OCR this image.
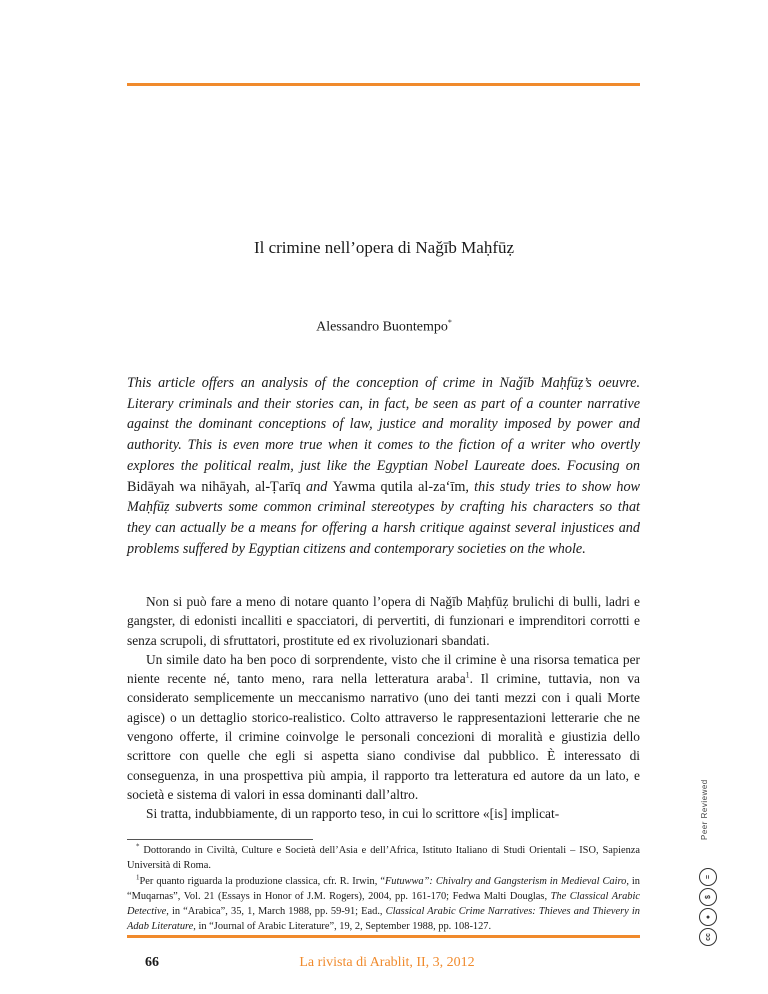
Il crimine nell’opera di Naǧīb Maḥfūẓ
Alessandro Buontempo*

This article offers an analysis of the conception of crime in Naǧīb Maḥfūẓ’s oeuvre. Literary criminals and their stories can, in fact, be seen as part of a counter narrative against the dominant conceptions of law, justice and morality imposed by power and authority. This is even more true when it comes to the fiction of a writer who overtly explores the political realm, just like the Egyptian Nobel Laureate does. Focusing on Bidāyah wa nihāyah, al-Ṭarīq and Yawma qutila al-za‘īm, this study tries to show how Maḥfūẓ subverts some common criminal stereotypes by crafting his characters so that they can actually be a means for offering a harsh critique against several injustices and problems suffered by Egyptian citizens and contemporary societies on the whole.

Non si può fare a meno di notare quanto l’opera di Naǧīb Maḥfūẓ brulichi di bulli, ladri e gangster, di edonisti incalliti e spacciatori, di pervertiti, di funzionari e imprenditori corrotti e senza scrupoli, di sfruttatori, prostitute ed ex rivoluzionari sbandati.

Un simile dato ha ben poco di sorprendente, visto che il crimine è una risorsa tematica per niente recente né, tanto meno, rara nella letteratura araba$^1$. Il crimine, tuttavia, non va considerato semplicemente un meccanismo narrativo (uno dei tanti mezzi con i quali Morte agisce) o un dettaglio storico-realistico. Colto attraverso le rappresentazioni letterarie che ne vengono offerte, il crimine coinvolge le personali concezioni di moralità e giustizia dello scrittore con quelle che egli si aspetta siano condivise dal pubblico. È interessato di conseguenza, in una prospettiva più ampia, il rapporto tra letteratura ed autore da un lato, e società e sistema di valori in essa dominanti dall’altro.

Si tratta, indubbiamente, di un rapporto teso, in cui lo scrittore «[is] implicat-

* Dottorando in Civiltà, Culture e Società dell’Asia e dell’Africa, Istituto Italiano di Studi Orientali – ISO, Sapienza Università di Roma.

$^1$Per quanto riguarda la produzione classica, cfr. R. Irwin, “Futuwwa”: Chivalry and Gangsterism in Medieval Cairo, in “Muqarnas”, Vol. 21 (Essays in Honor of J.M. Rogers), 2004, pp. 161-170; Fedwa Malti Douglas, The Classical Arabic Detective, in “Arabica”, 35, 1, March 1988, pp. 59-91; Ead., Classical Arabic Crime Narratives: Thieves and Thievery in Adab Literature, in “Journal of Arabic Literature”, 19, 2, September 1988, pp. 108-127.

Peer Reviewed
=
$
●
cc
66	La rivista di Arablit, II, 3, 2012
